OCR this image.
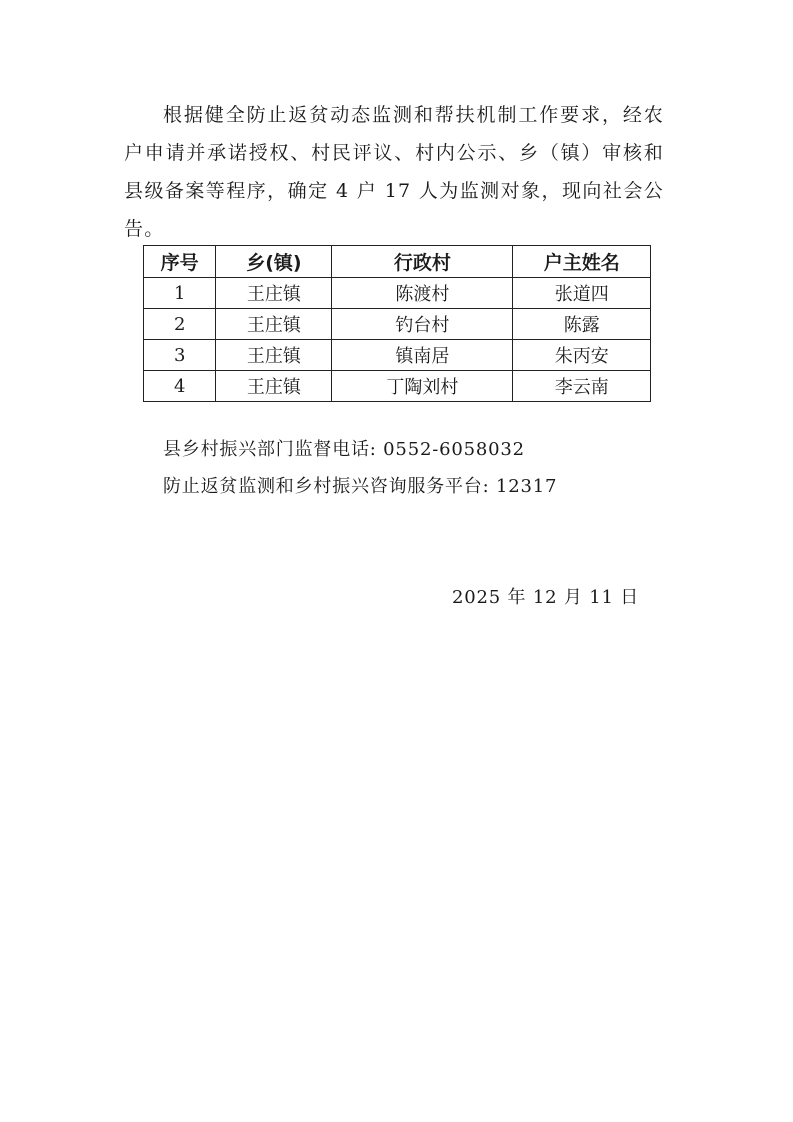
根据健全防止返贫动态监测和帮扶机制工作要求，经农户申请并承诺授权、村民评议、村内公示、乡（镇）审核和县级备案等程序，确定 4 户 17 人为监测对象，现向社会公告。
序号	乡(镇)	行政村	户主姓名
1	王庄镇	陈渡村	张道四
2	王庄镇	钓台村	陈露
3	王庄镇	镇南居	朱丙安
4	王庄镇	丁陶刘村	李云南
县乡村振兴部门监督电话: 0552-6058032
防止返贫监测和乡村振兴咨询服务平台: 12317
2025 年 12 月 11 日
